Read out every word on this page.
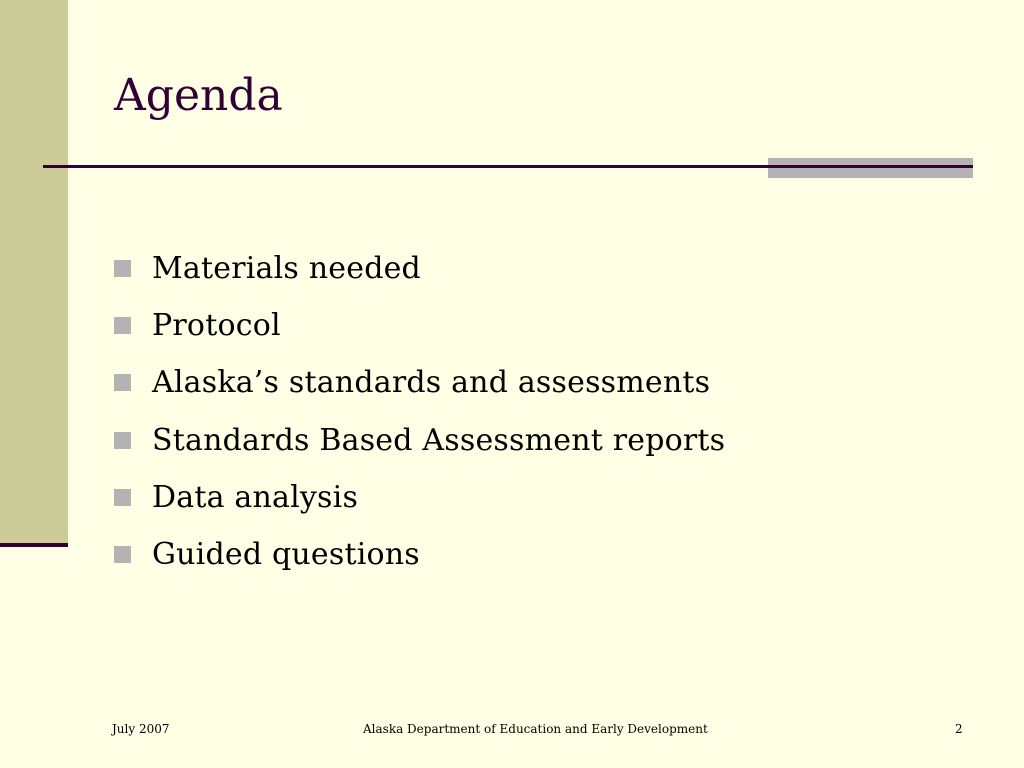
Agenda
Materials needed
Protocol
Alaska’s standards and assessments
Standards Based Assessment reports
Data analysis
Guided questions
July 2007	Alaska Department of Education and Early Development	2
